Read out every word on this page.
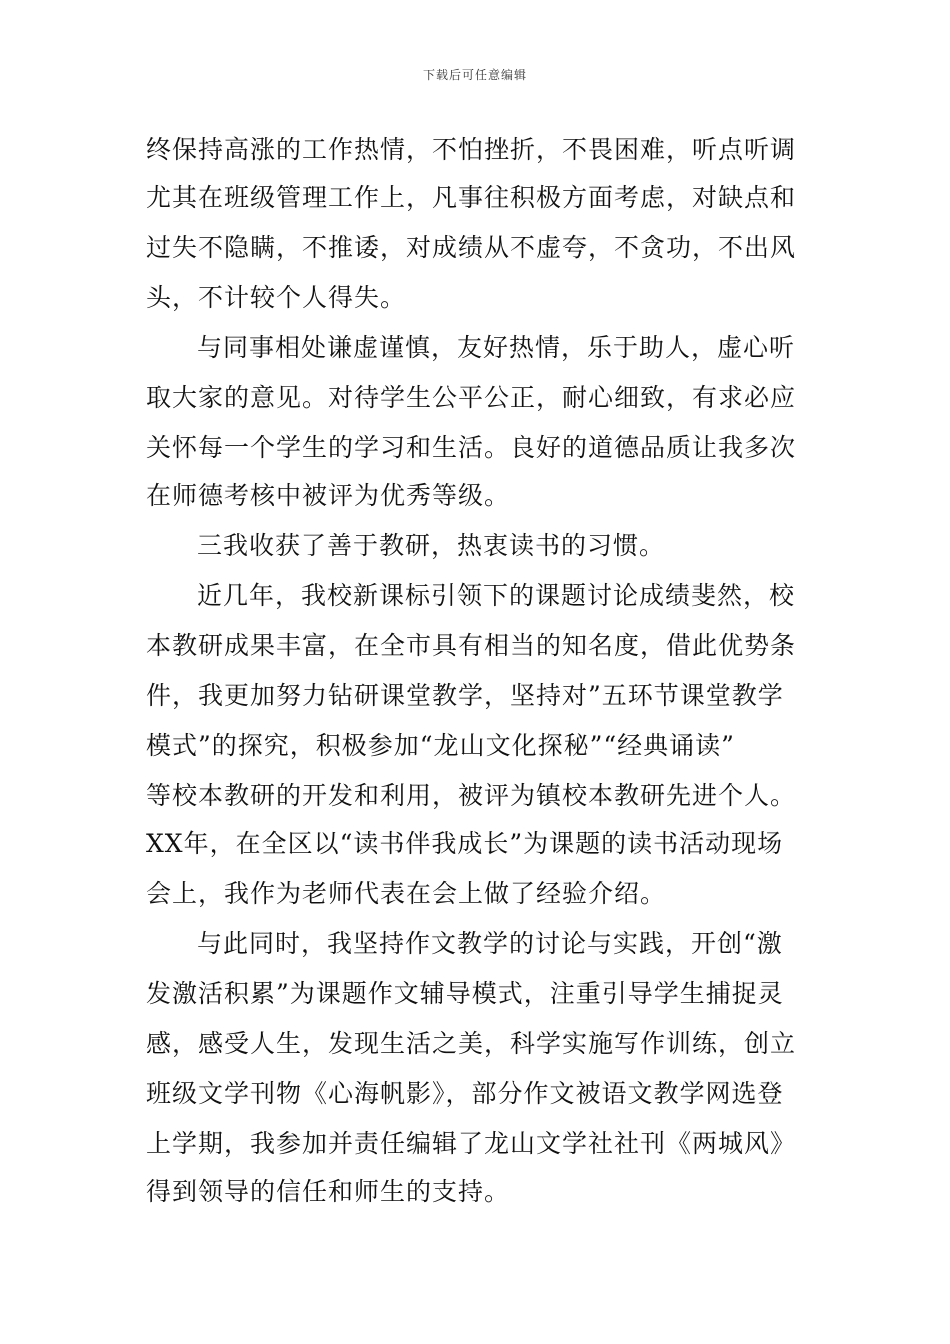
下载后可任意编辑
终保持高涨的工作热情，不怕挫折，不畏困难，听点听调
尤其在班级管理工作上，凡事往积极方面考虑，对缺点和
过失不隐瞒，不推诿，对成绩从不虚夸，不贪功，不出风
头，不计较个人得失。
与同事相处谦虚谨慎，友好热情，乐于助人，虚心听
取大家的意见。对待学生公平公正，耐心细致，有求必应
关怀每一个学生的学习和生活。良好的道德品质让我多次
在师德考核中被评为优秀等级。
三我收获了善于教研，热衷读书的习惯。
近几年，我校新课标引领下的课题讨论成绩斐然，校
本教研成果丰富，在全市具有相当的知名度，借此优势条
件，我更加努力钻研课堂教学，坚持对”五环节课堂教学
模式”的探究，积极参加“龙山文化探秘”“经典诵读”
等校本教研的开发和利用，被评为镇校本教研先进个人。
XX年，在全区以“读书伴我成长”为课题的读书活动现场
会上，我作为老师代表在会上做了经验介绍。
与此同时，我坚持作文教学的讨论与实践，开创“激
发激活积累”为课题作文辅导模式，注重引导学生捕捉灵
感，感受人生，发现生活之美，科学实施写作训练，创立
班级文学刊物《心海帆影》，部分作文被语文教学网选登
上学期，我参加并责任编辑了龙山文学社社刊《两城风》
得到领导的信任和师生的支持。
